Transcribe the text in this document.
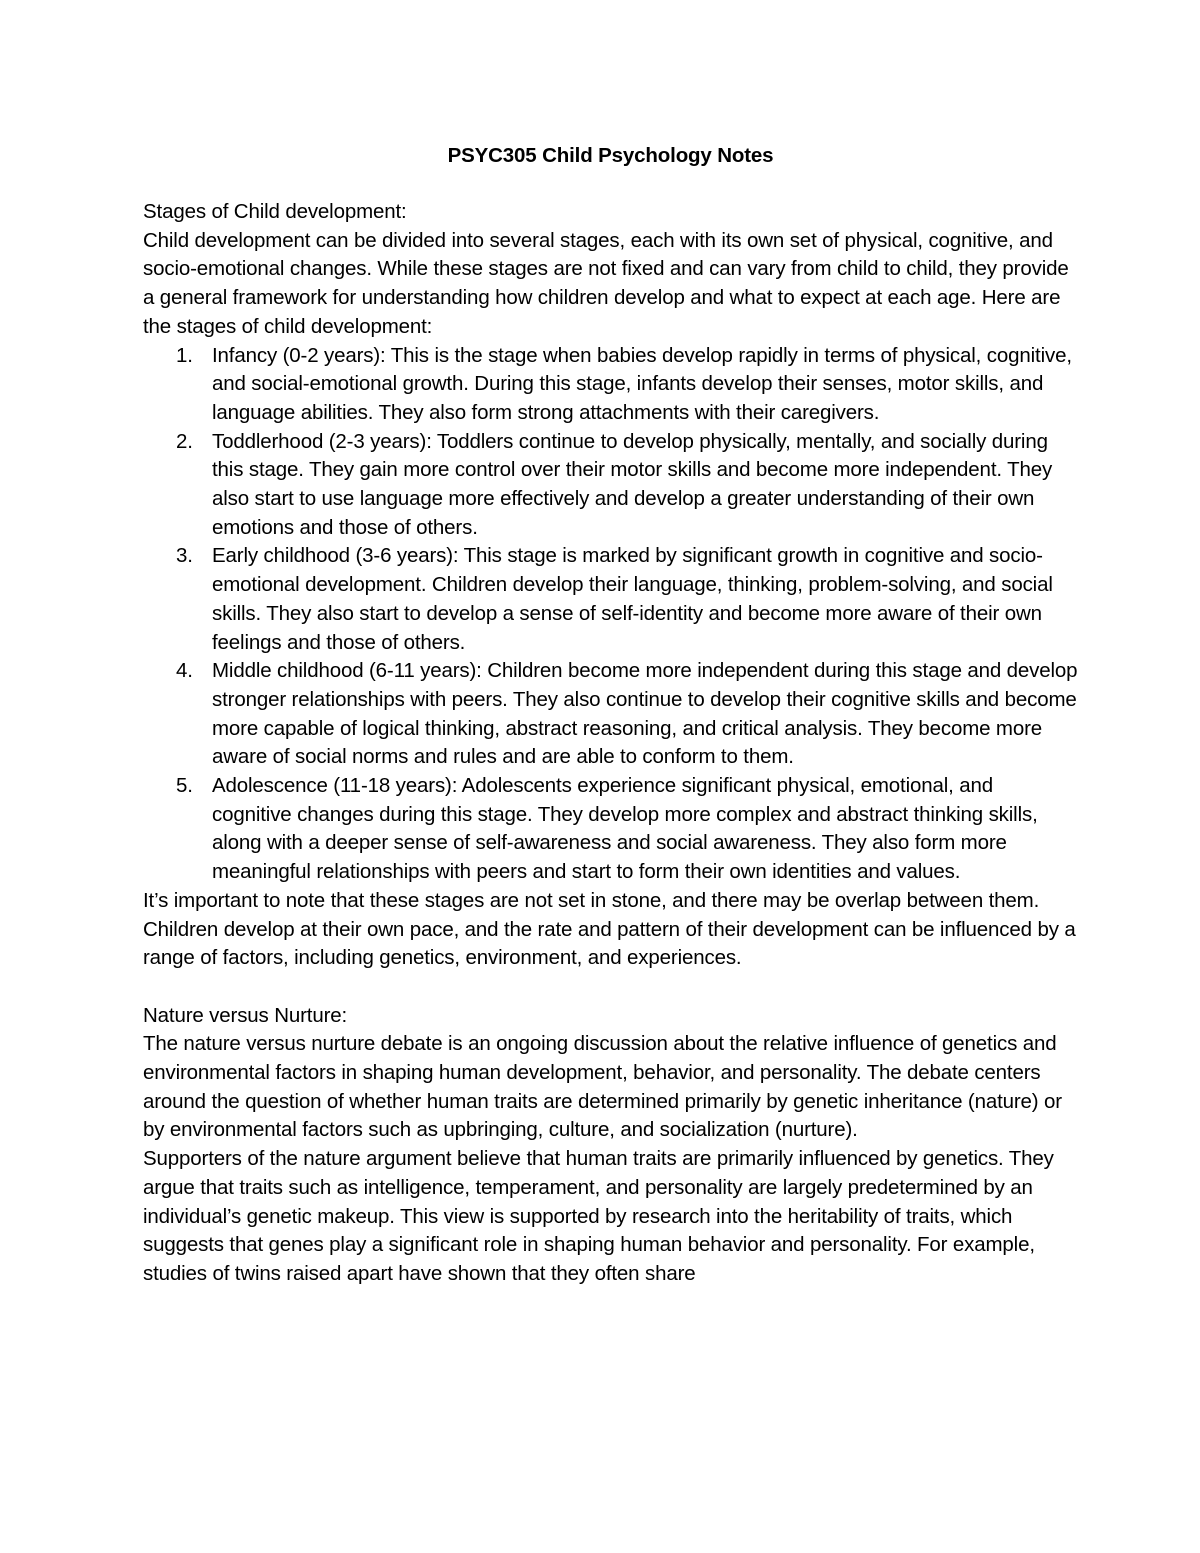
PSYC305 Child Psychology Notes
Stages of Child development:
Child development can be divided into several stages, each with its own set of physical, cognitive, and socio-emotional changes. While these stages are not fixed and can vary from child to child, they provide a general framework for understanding how children develop and what to expect at each age. Here are the stages of child development:
1. Infancy (0-2 years): This is the stage when babies develop rapidly in terms of physical, cognitive, and social-emotional growth. During this stage, infants develop their senses, motor skills, and language abilities. They also form strong attachments with their caregivers.
2. Toddlerhood (2-3 years): Toddlers continue to develop physically, mentally, and socially during this stage. They gain more control over their motor skills and become more independent. They also start to use language more effectively and develop a greater understanding of their own emotions and those of others.
3. Early childhood (3-6 years): This stage is marked by significant growth in cognitive and socio-emotional development. Children develop their language, thinking, problem-solving, and social skills. They also start to develop a sense of self-identity and become more aware of their own feelings and those of others.
4. Middle childhood (6-11 years): Children become more independent during this stage and develop stronger relationships with peers. They also continue to develop their cognitive skills and become more capable of logical thinking, abstract reasoning, and critical analysis. They become more aware of social norms and rules and are able to conform to them.
5. Adolescence (11-18 years): Adolescents experience significant physical, emotional, and cognitive changes during this stage. They develop more complex and abstract thinking skills, along with a deeper sense of self-awareness and social awareness. They also form more meaningful relationships with peers and start to form their own identities and values.
It’s important to note that these stages are not set in stone, and there may be overlap between them. Children develop at their own pace, and the rate and pattern of their development can be influenced by a range of factors, including genetics, environment, and experiences.
Nature versus Nurture:
The nature versus nurture debate is an ongoing discussion about the relative influence of genetics and environmental factors in shaping human development, behavior, and personality. The debate centers around the question of whether human traits are determined primarily by genetic inheritance (nature) or by environmental factors such as upbringing, culture, and socialization (nurture).
Supporters of the nature argument believe that human traits are primarily influenced by genetics. They argue that traits such as intelligence, temperament, and personality are largely predetermined by an individual’s genetic makeup. This view is supported by research into the heritability of traits, which suggests that genes play a significant role in shaping human behavior and personality. For example, studies of twins raised apart have shown that they often share
